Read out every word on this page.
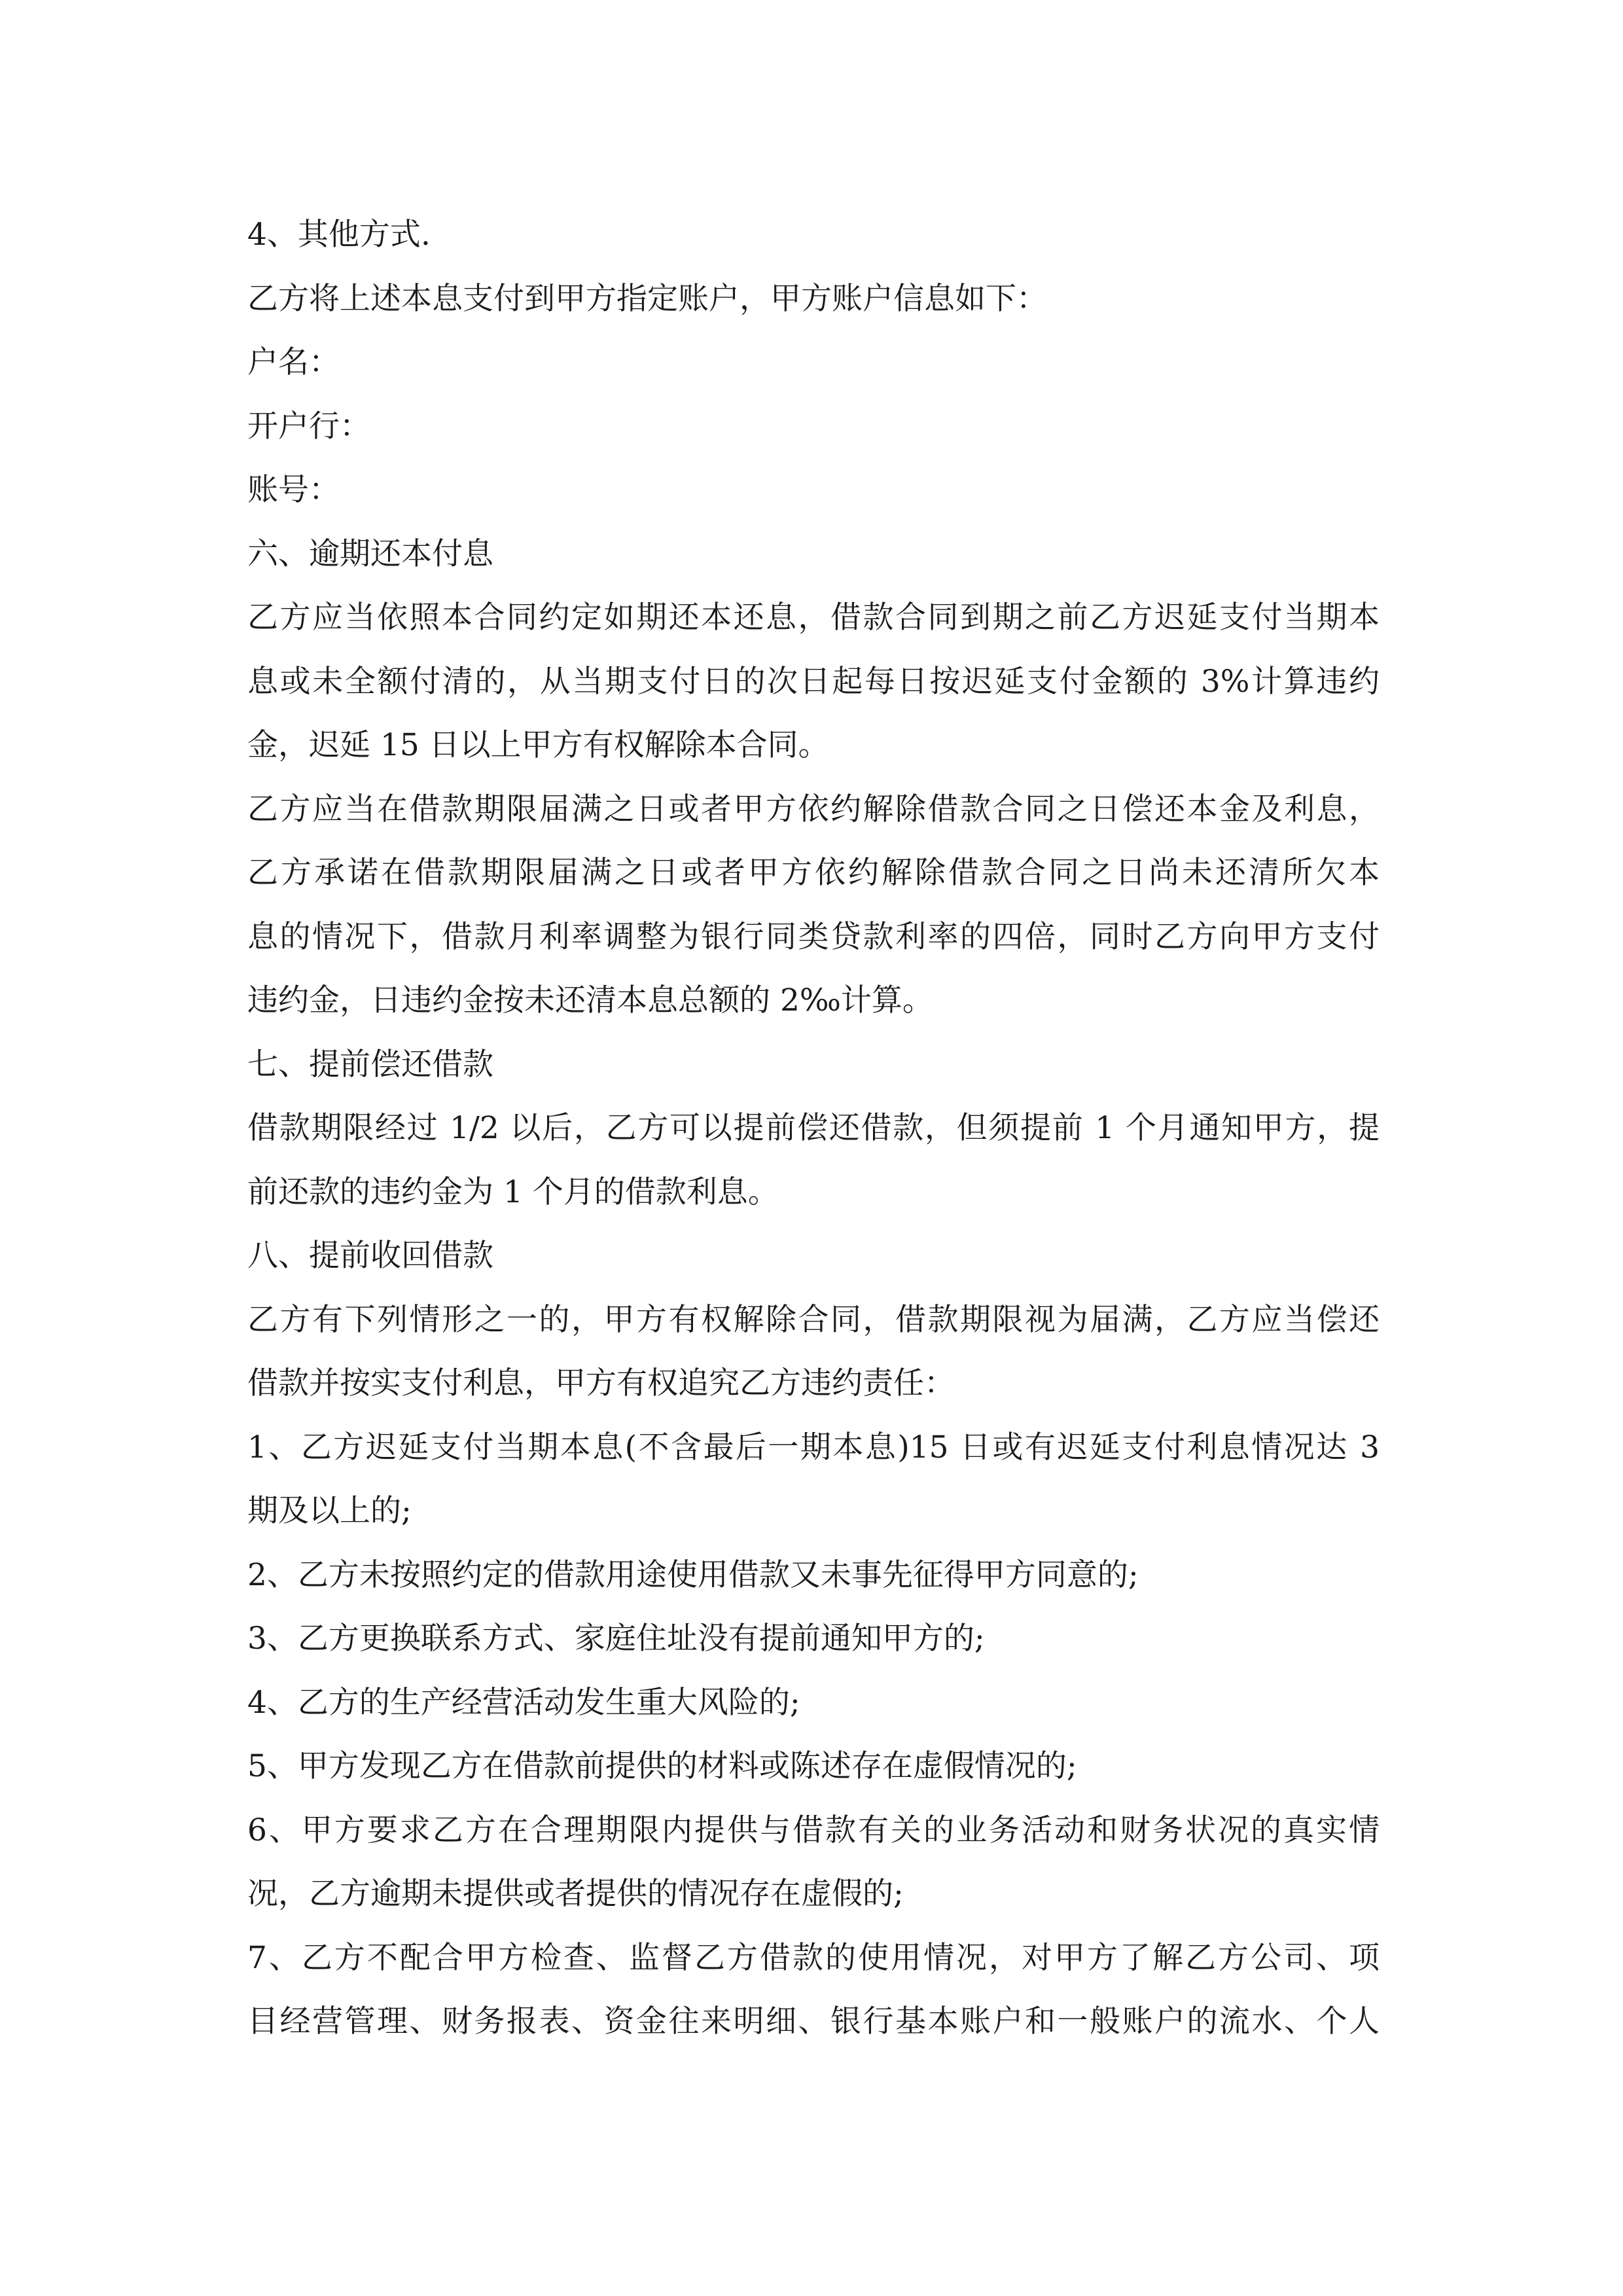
4、其他方式.
乙方将上述本息支付到甲方指定账户，甲方账户信息如下：
户名：
开户行：
账号：
六、逾期还本付息
乙方应当依照本合同约定如期还本还息，借款合同到期之前乙方迟延支付当期本
息或未全额付清的，从当期支付日的次日起每日按迟延支付金额的 3%计算违约
金，迟延 15 日以上甲方有权解除本合同。
乙方应当在借款期限届满之日或者甲方依约解除借款合同之日偿还本金及利息，
乙方承诺在借款期限届满之日或者甲方依约解除借款合同之日尚未还清所欠本
息的情况下，借款月利率调整为银行同类贷款利率的四倍，同时乙方向甲方支付
违约金，日违约金按未还清本息总额的 2‰计算。
七、提前偿还借款
借款期限经过 1/2 以后，乙方可以提前偿还借款，但须提前 1 个月通知甲方，提
前还款的违约金为 1 个月的借款利息。
八、提前收回借款
乙方有下列情形之一的，甲方有权解除合同，借款期限视为届满，乙方应当偿还
借款并按实支付利息，甲方有权追究乙方违约责任：
1、乙方迟延支付当期本息(不含最后一期本息)15 日或有迟延支付利息情况达 3
期及以上的;
2、乙方未按照约定的借款用途使用借款又未事先征得甲方同意的;
3、乙方更换联系方式、家庭住址没有提前通知甲方的;
4、乙方的生产经营活动发生重大风险的;
5、甲方发现乙方在借款前提供的材料或陈述存在虚假情况的;
6、甲方要求乙方在合理期限内提供与借款有关的业务活动和财务状况的真实情
况，乙方逾期未提供或者提供的情况存在虚假的;
7、乙方不配合甲方检查、监督乙方借款的使用情况，对甲方了解乙方公司、项
目经营管理、财务报表、资金往来明细、银行基本账户和一般账户的流水、个人
